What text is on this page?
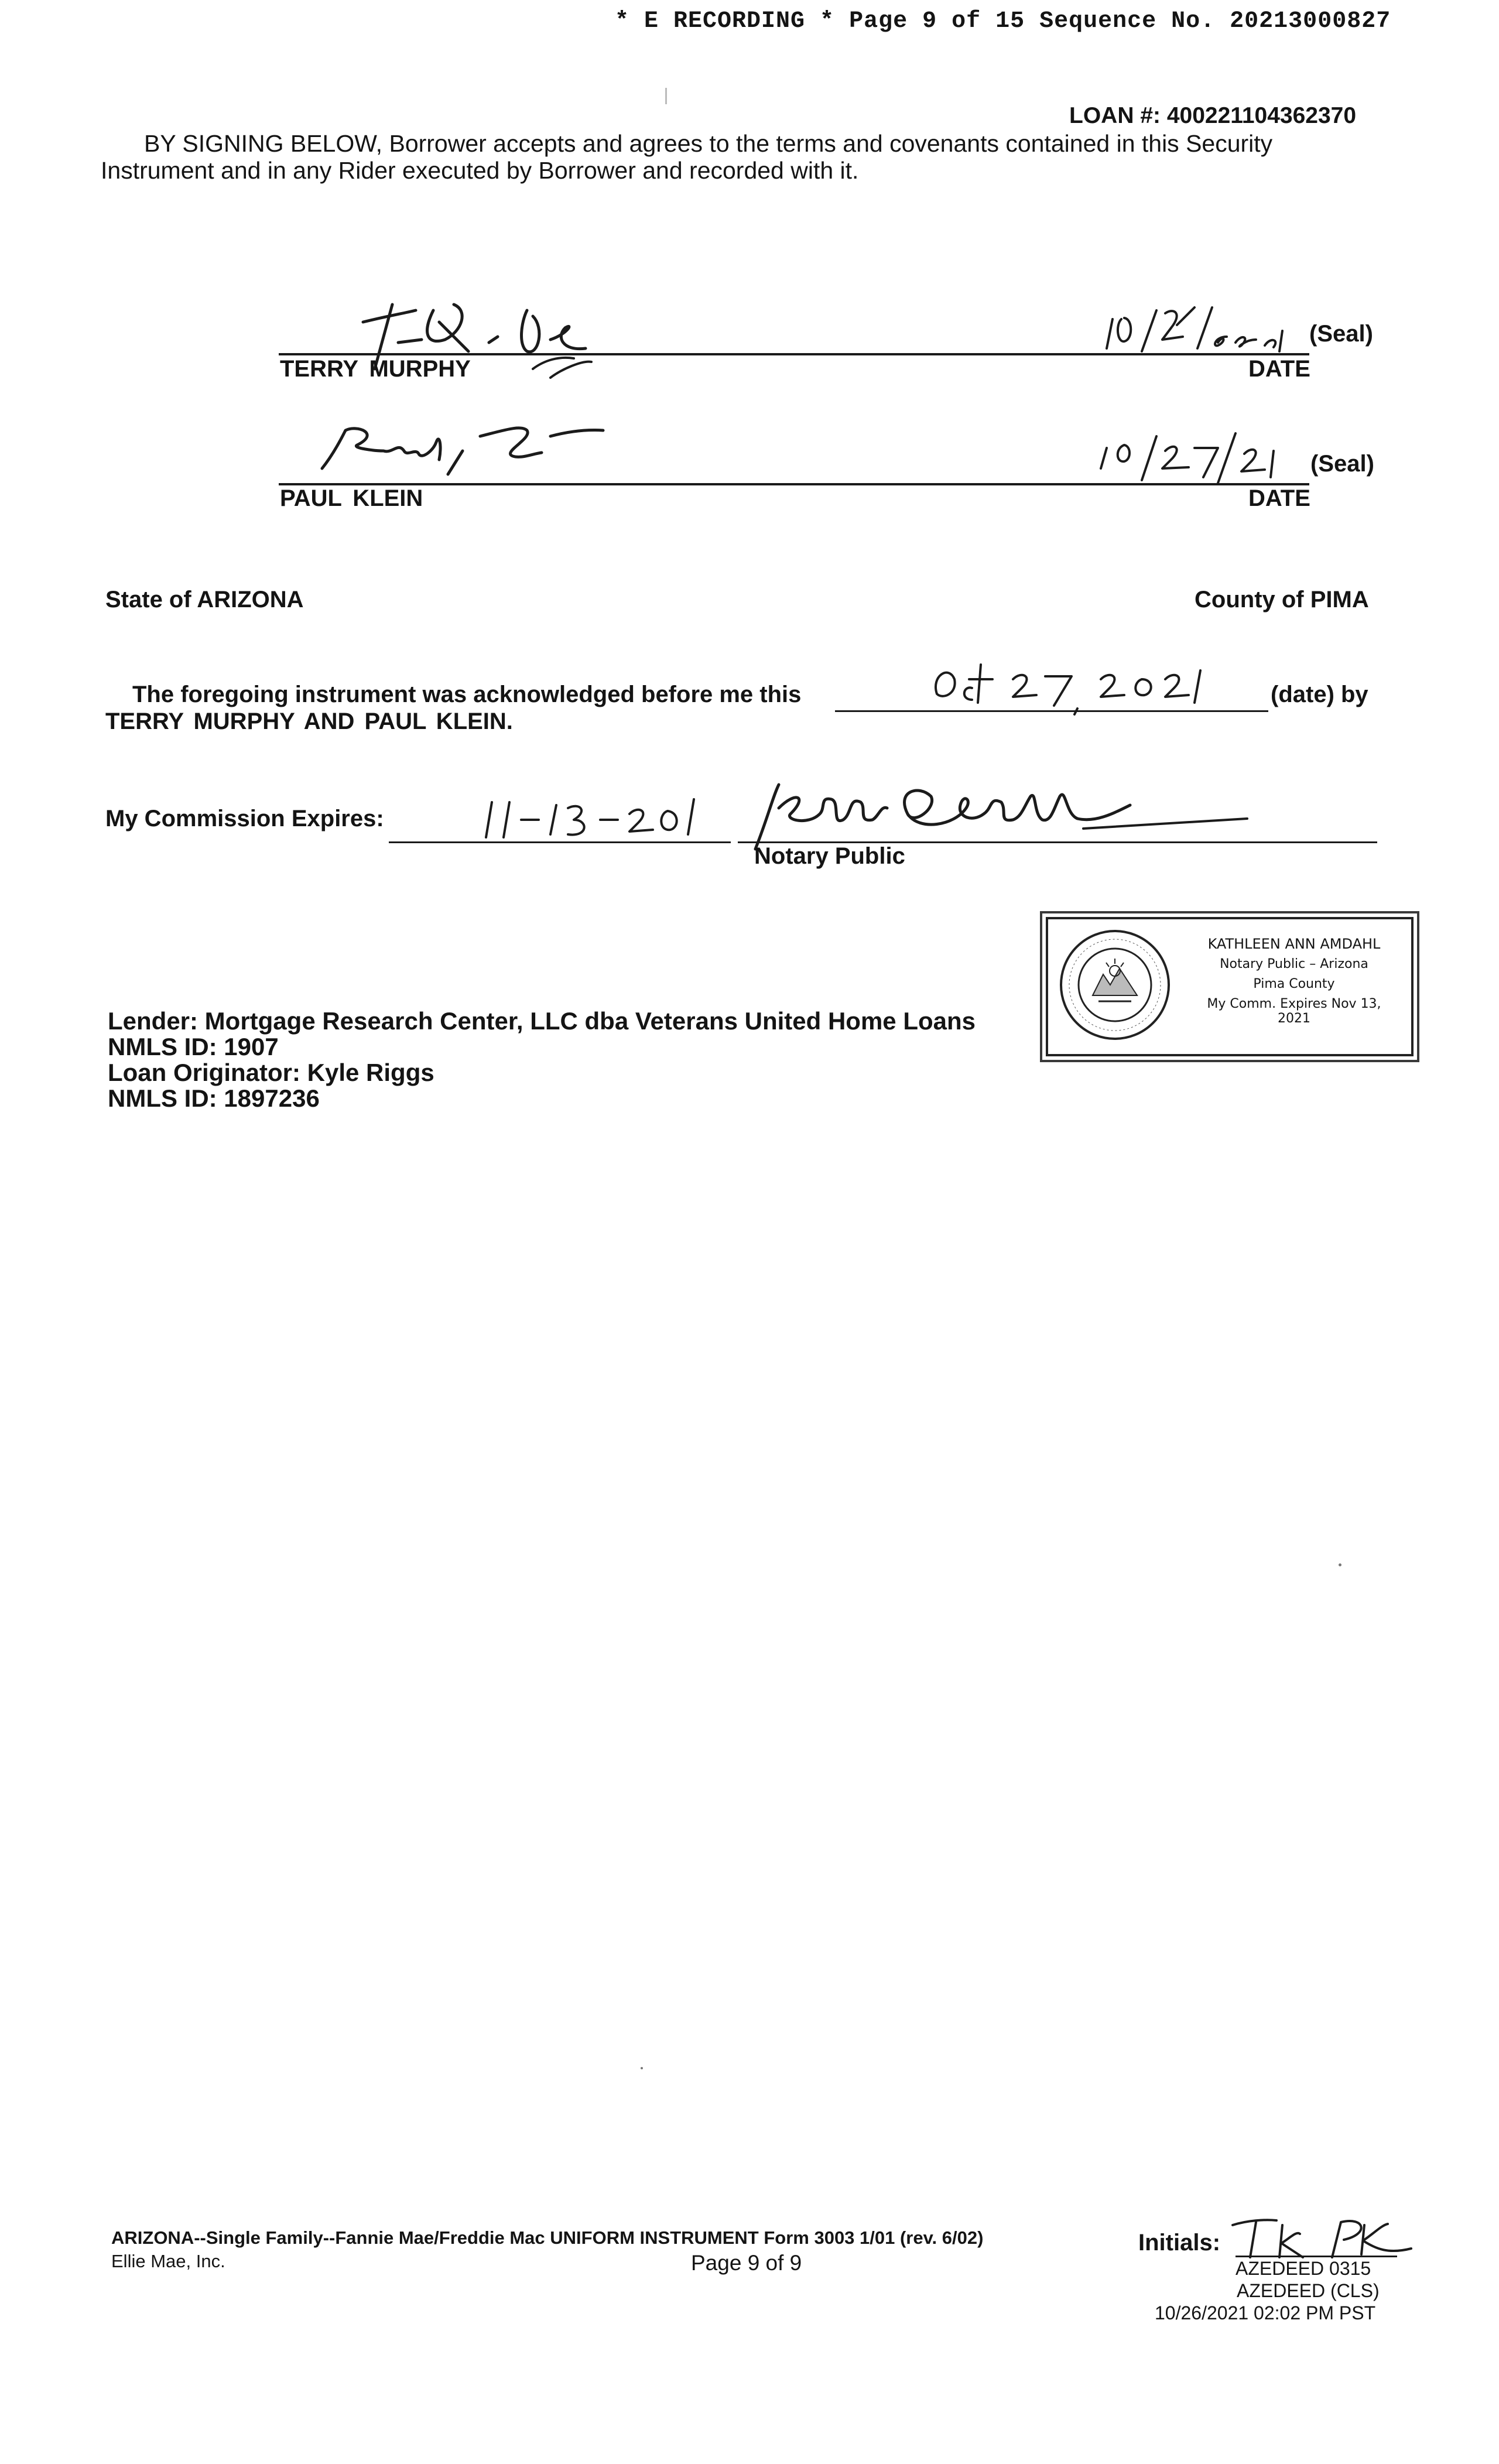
* E RECORDING * Page 9 of 15 Sequence No. 20213000827
LOAN #: 400221104362370
BY SIGNING BELOW, Borrower accepts and agrees to the terms and covenants contained in this Security
Instrument and in any Rider executed by Borrower and recorded with it.
(Seal)
TERRY MURPHY	DATE
(Seal)
PAUL KLEIN	DATE
State of ARIZONA	County of PIMA
The foregoing instrument was acknowledged before me this	(date) by
TERRY MURPHY AND PAUL KLEIN.
My Commission Expires:
Notary Public
KATHLEEN ANN AMDAHL
Notary Public – Arizona
Pima County
My Comm. Expires Nov 13, 2021
Lender: Mortgage Research Center, LLC dba Veterans United Home Loans
NMLS ID: 1907
Loan Originator: Kyle Riggs
NMLS ID: 1897236
ARIZONA--Single Family--Fannie Mae/Freddie Mac UNIFORM INSTRUMENT Form 3003 1/01 (rev. 6/02)
Ellie Mae, Inc.	Page 9 of 9
Initials:
AZEDEED 0315
AZEDEED (CLS)
10/26/2021 02:02 PM PST
